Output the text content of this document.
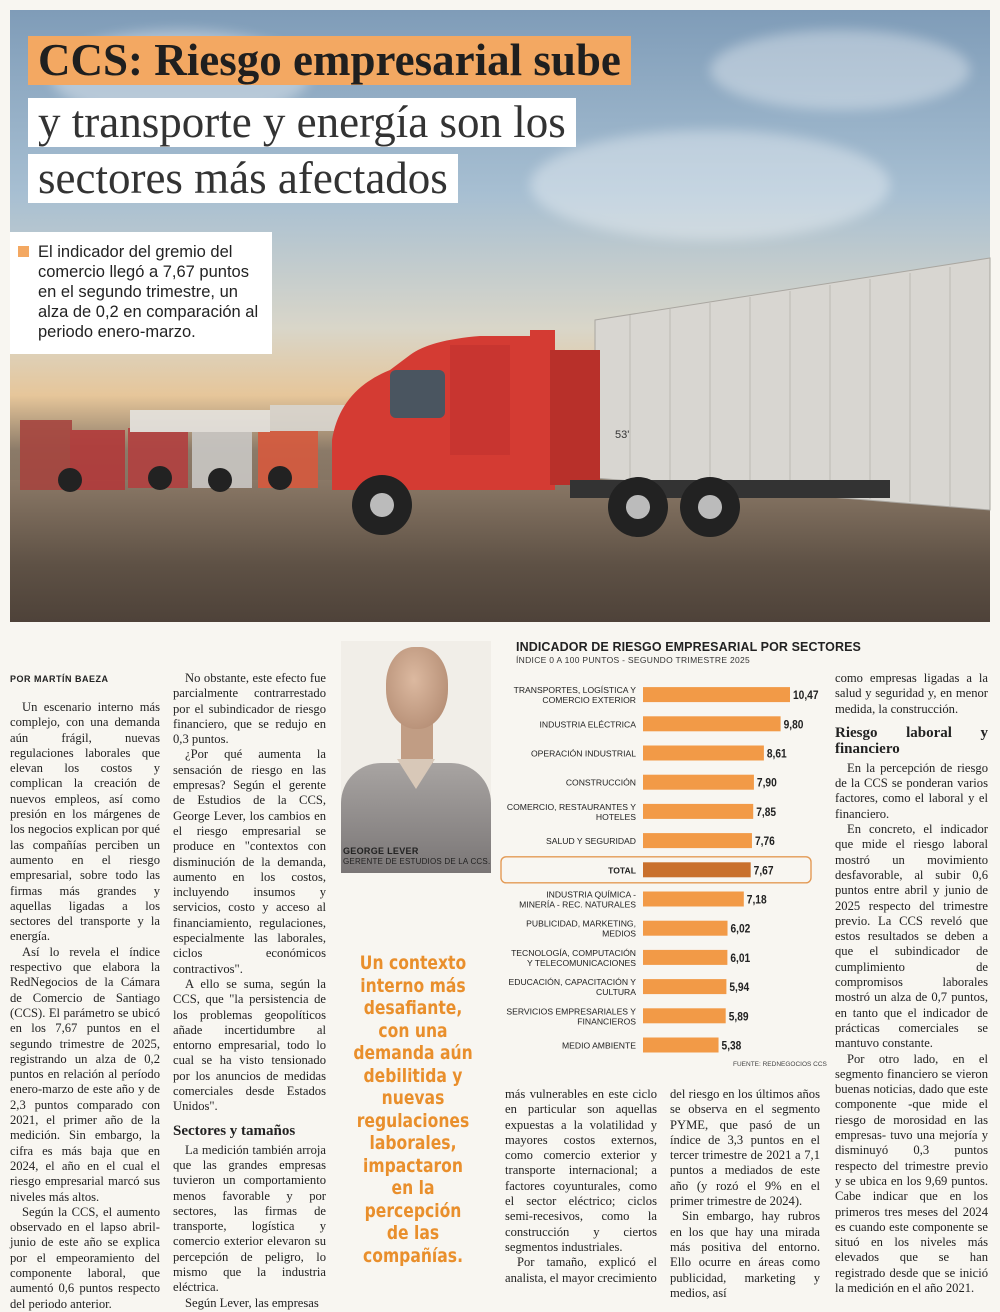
53'
CCS: Riesgo empresarial sube
y transporte y energía son los
sectores más afectados
El indicador del gremio del comercio llegó a 7,67 puntos en el segundo trimestre, un alza de 0,2 en comparación al periodo enero-marzo.
POR MARTÍN BAEZA

Un escenario interno más complejo, con una demanda aún frágil, nuevas regulaciones laborales que elevan los costos y complican la creación de nuevos empleos, así como presión en los márgenes de los negocios explican por qué las compañías perciben un aumento en el riesgo empresarial, sobre todo las firmas más grandes y aquellas ligadas a los sectores del transporte y la energía.

Así lo revela el índice respectivo que elabora la RedNegocios de la Cámara de Comercio de Santiago (CCS). El parámetro se ubicó en los 7,67 puntos en el segundo trimestre de 2025, registrando un alza de 0,2 puntos en relación al período enero-marzo de este año y de 2,3 puntos comparado con 2021, el primer año de la medición. Sin embargo, la cifra es más baja que en 2024, el año en el cual el riesgo empresarial marcó sus niveles más altos.

Según la CCS, el aumento observado en el lapso abril-junio de este año se explica por el empeoramiento del componente laboral, que aumentó 0,6 puntos respecto del periodo anterior.

No obstante, este efecto fue parcialmente contrarrestado por el subindicador de riesgo financiero, que se redujo en 0,3 puntos.

¿Por qué aumenta la sensación de riesgo en las empresas? Según el gerente de Estudios de la CCS, George Lever, los cambios en el riesgo empresarial se produce en "contextos con disminución de la demanda, aumento en los costos, incluyendo insumos y servicios, costo y acceso al financiamiento, regulaciones, especialmente las laborales, ciclos económicos contractivos".

A ello se suma, según la CCS, que "la persistencia de los problemas geopolíticos añade incertidumbre al entorno empresarial, todo lo cual se ha visto tensionado por los anuncios de medidas comerciales desde Estados Unidos".

Sectores y tamaños

La medición también arroja que las grandes empresas tuvieron un comportamiento menos favorable y por sectores, las firmas de transporte, logística y comercio exterior elevaron su percepción de peligro, lo mismo que la industria eléctrica.

Según Lever, las empresas

GEORGE LEVER
GERENTE DE ESTUDIOS DE LA CCS.
Un contexto interno más desafiante, con una demanda aún debilitida y nuevas regulaciones laborales, impactaron en la percepción de las compañías.
INDICADOR DE RIESGO EMPRESARIAL POR SECTORES
ÍNDICE 0 A 100 PUNTOS - SEGUNDO TRIMESTRE 2025
TRANSPORTES, LOGÍSTICA Y
COMERCIO EXTERIOR	10,47
INDUSTRIA ELÉCTRICA	9,80
OPERACIÓN INDUSTRIAL	8,61
CONSTRUCCIÓN	7,90
COMERCIO, RESTAURANTES Y
HOTELES	7,85
SALUD Y SEGURIDAD	7,76
TOTAL	7,67
INDUSTRIA QUÍMICA -
MINERÍA - REC. NATURALES	7,18
PUBLICIDAD, MARKETING,
MEDIOS	6,02
TECNOLOGÍA, COMPUTACIÓN
Y TELECOMUNICACIONES	6,01
EDUCACIÓN, CAPACITACIÓN Y
CULTURA	5,94
SERVICIOS EMPRESARIALES Y
FINANCIEROS	5,89
MEDIO AMBIENTE	5,38
FUENTE: REDNEGOCIOS CCS

más vulnerables en este ciclo en particular son aquellas expuestas a la volatilidad y mayores costos externos, como comercio exterior y transporte internacional; a factores coyunturales, como el sector eléctrico; ciclos semi-recesivos, como la construcción y ciertos segmentos industriales.

Por tamaño, explicó el analista, el mayor crecimiento

del riesgo en los últimos años se observa en el segmento PYME, que pasó de un índice de 3,3 puntos en el tercer trimestre de 2021 a 7,1 puntos a mediados de este año (y rozó el 9% en el primer trimestre de 2024).

Sin embargo, hay rubros en los que hay una mirada más positiva del entorno. Ello ocurre en áreas como publicidad, marketing y medios, así

como empresas ligadas a la salud y seguridad y, en menor medida, la construcción.

Riesgo laboral y financiero

En la percepción de riesgo de la CCS se ponderan varios factores, como el laboral y el financiero.

En concreto, el indicador que mide el riesgo laboral mostró un movimiento desfavorable, al subir 0,6 puntos entre abril y junio de 2025 respecto del trimestre previo. La CCS reveló que estos resultados se deben a que el subindicador de cumplimiento de compromisos laborales mostró un alza de 0,7 puntos, en tanto que el indicador de prácticas comerciales se mantuvo constante.

Por otro lado, en el segmento financiero se vieron buenas noticias, dado que este componente -que mide el riesgo de morosidad en las empresas- tuvo una mejoría y disminuyó 0,3 puntos respecto del trimestre previo y se ubica en los 9,69 puntos. Cabe indicar que en los primeros tres meses del 2024 es cuando este componente se situó en los niveles más elevados que se han registrado desde que se inició la medición en el año 2021.
